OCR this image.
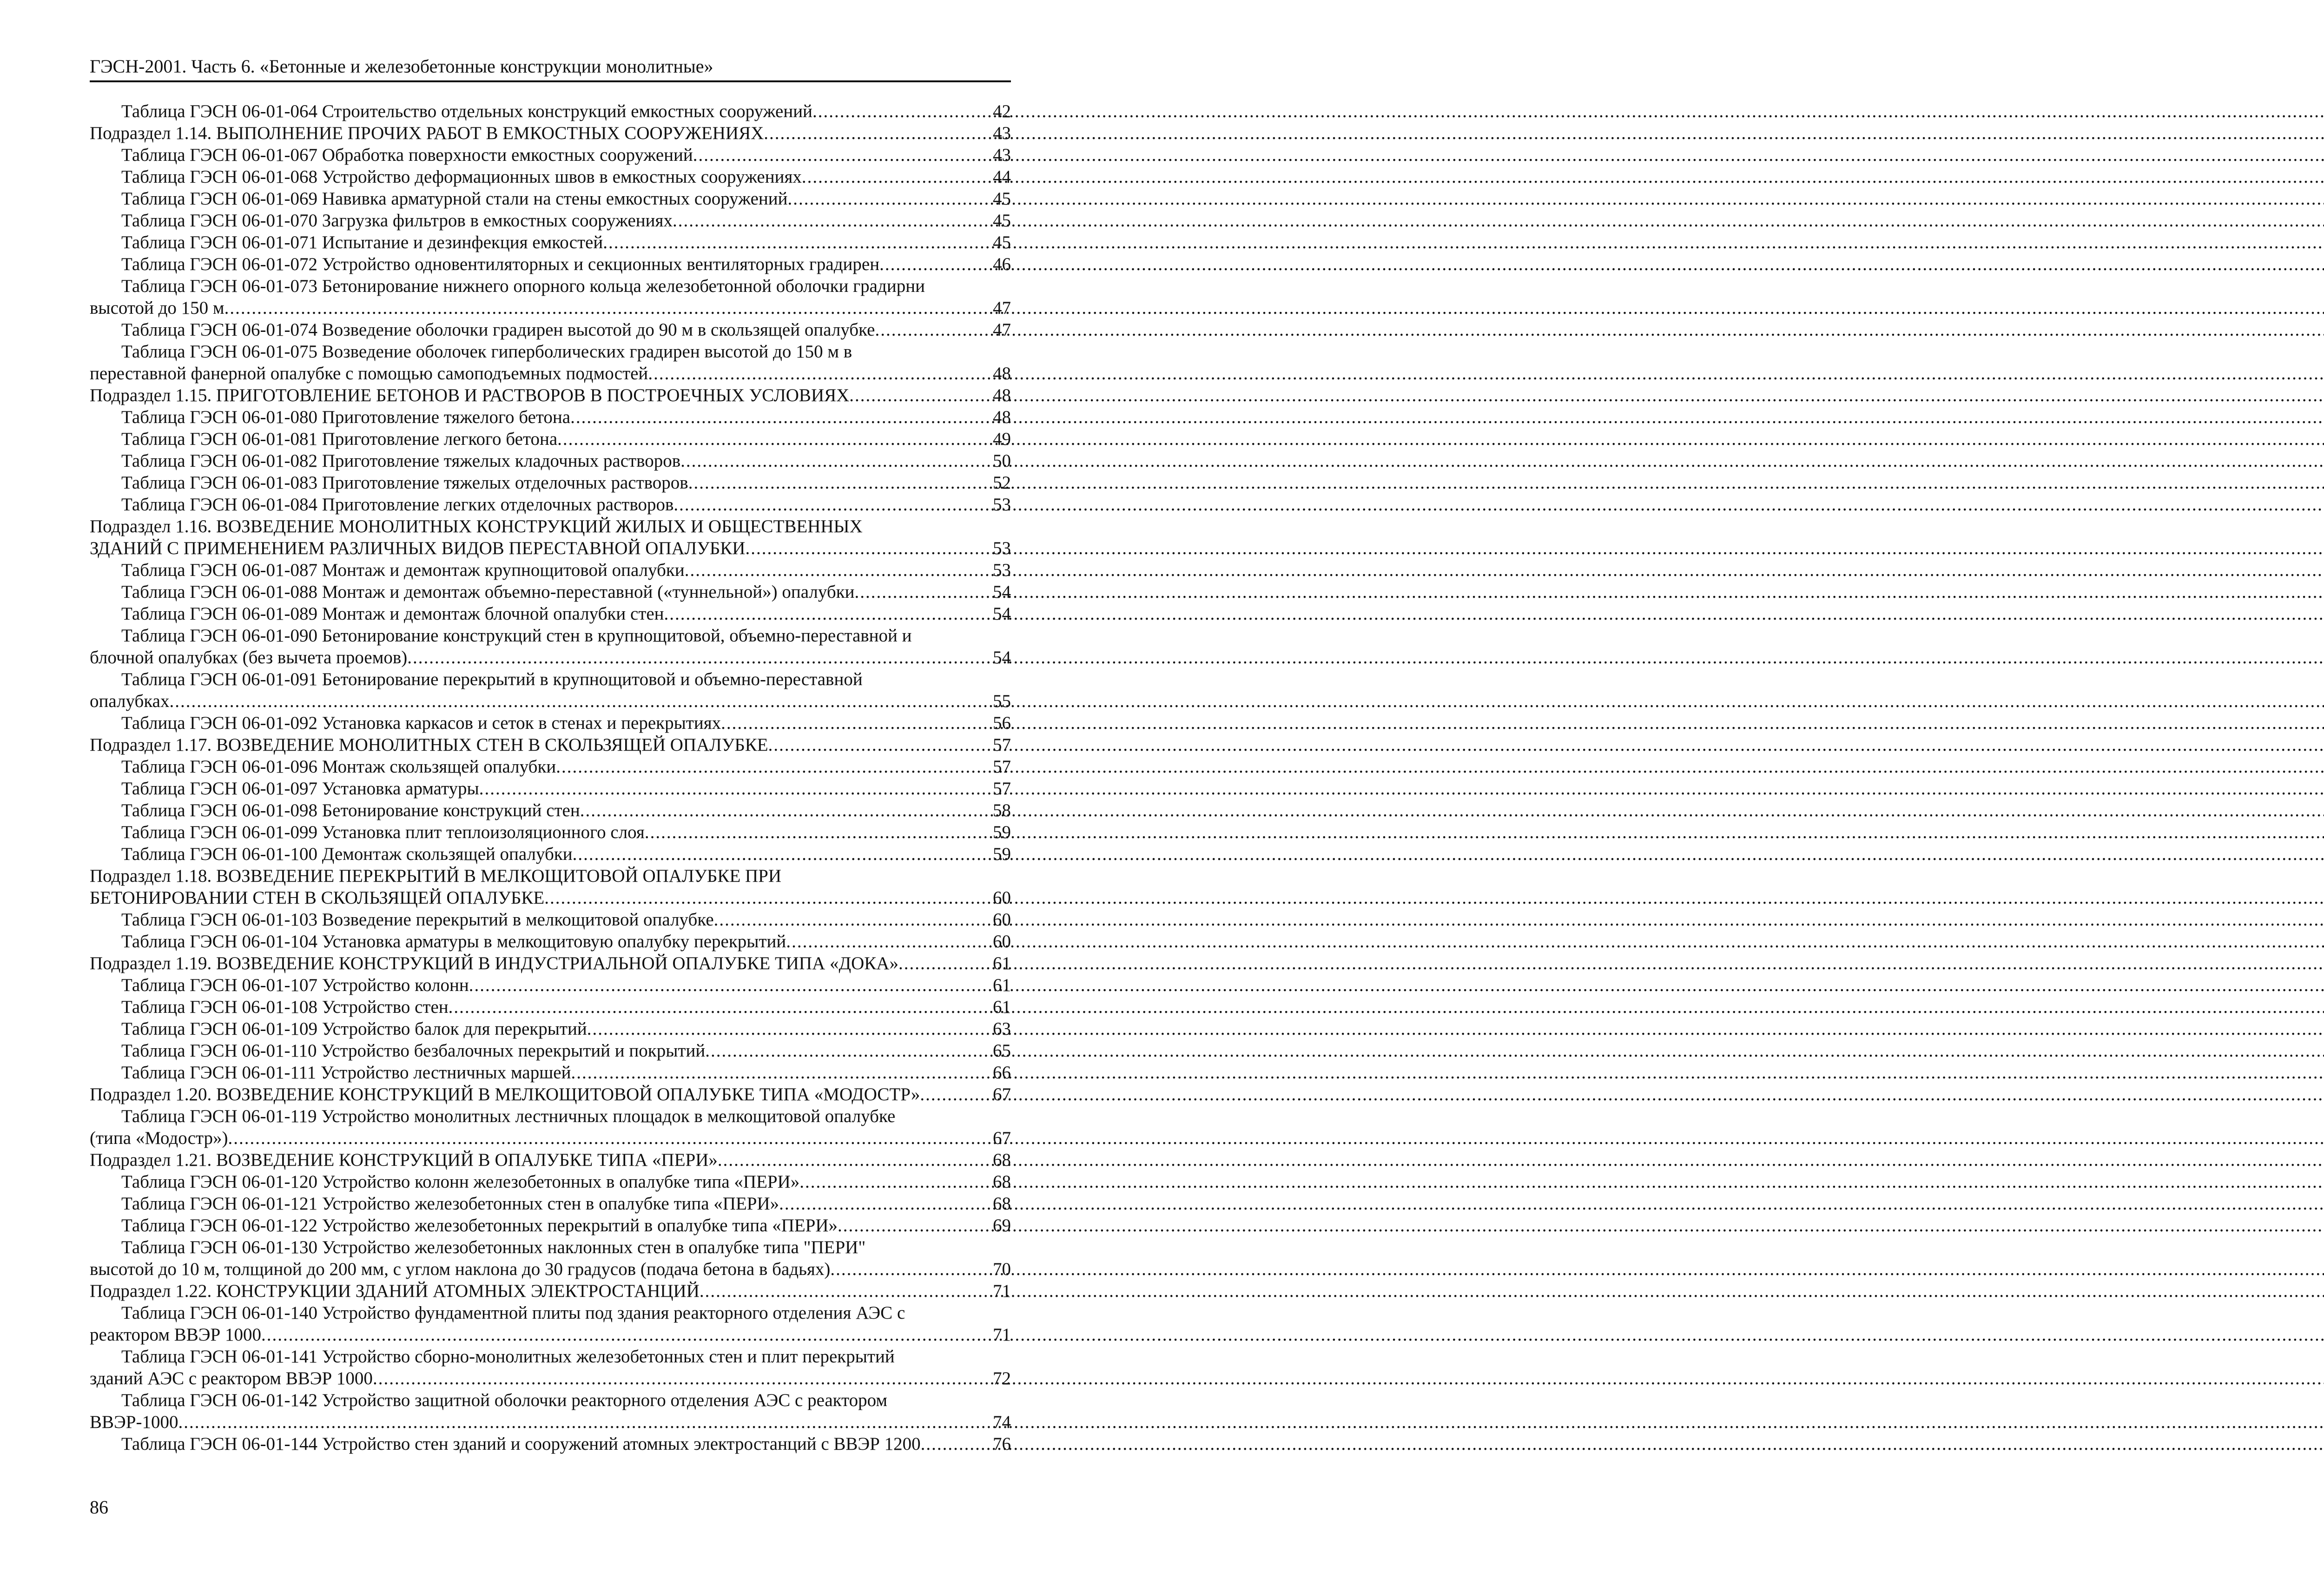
ГЭСН-2001. Часть 6. «Бетонные и железобетонные конструкции монолитные»
Таблица ГЭСН 06-01-064 Строительство отдельных конструкций емкостных сооружений .....	42
Подраздел 1.14. ВЫПОЛНЕНИЕ ПРОЧИХ РАБОТ В ЕМКОСТНЫХ СООРУЖЕНИЯХ .....	43
Таблица ГЭСН 06-01-067 Обработка поверхности емкостных сооружений .....	43
Таблица ГЭСН 06-01-068 Устройство деформационных швов в емкостных сооружениях .....	44
Таблица ГЭСН 06-01-069 Навивка арматурной стали на стены емкостных сооружений .....	45
Таблица ГЭСН 06-01-070 Загрузка фильтров в емкостных сооружениях .....	45
Таблица ГЭСН 06-01-071 Испытание и дезинфекция емкостей .....	45
Таблица ГЭСН 06-01-072 Устройство одновентиляторных и секционных вентиляторных градирен .....	46
Таблица ГЭСН 06-01-073 Бетонирование нижнего опорного кольца железобетонной оболочки градирни
высотой до 150 м .....	47
Таблица ГЭСН 06-01-074 Возведение оболочки градирен высотой до 90 м в скользящей опалубке .....	47
Таблица ГЭСН 06-01-075 Возведение оболочек гиперболических градирен высотой до 150 м в
переставной фанерной опалубке с помощью самоподъемных подмостей .....	48
Подраздел 1.15. ПРИГОТОВЛЕНИЕ БЕТОНОВ И РАСТВОРОВ В ПОСТРОЕЧНЫХ УСЛОВИЯХ .....	48
Таблица ГЭСН 06-01-080 Приготовление тяжелого бетона .....	48
Таблица ГЭСН 06-01-081 Приготовление легкого бетона .....	49
Таблица ГЭСН 06-01-082 Приготовление тяжелых кладочных растворов .....	50
Таблица ГЭСН 06-01-083 Приготовление тяжелых отделочных растворов .....	52
Таблица ГЭСН 06-01-084 Приготовление легких отделочных растворов .....	53
Подраздел 1.16. ВОЗВЕДЕНИЕ МОНОЛИТНЫХ КОНСТРУКЦИЙ ЖИЛЫХ И ОБЩЕСТВЕННЫХ
ЗДАНИЙ С ПРИМЕНЕНИЕМ РАЗЛИЧНЫХ ВИДОВ ПЕРЕСТАВНОЙ ОПАЛУБКИ .....	53
Таблица ГЭСН 06-01-087 Монтаж и демонтаж крупнощитовой опалубки .....	53
Таблица ГЭСН 06-01-088 Монтаж и демонтаж объемно-переставной («туннельной») опалубки .....	54
Таблица ГЭСН 06-01-089 Монтаж и демонтаж блочной опалубки стен .....	54
Таблица ГЭСН 06-01-090 Бетонирование конструкций стен в крупнощитовой, объемно-переставной и
блочной опалубках (без вычета проемов) .....	54
Таблица ГЭСН 06-01-091 Бетонирование перекрытий в крупнощитовой и объемно-переставной
опалубках .....	55
Таблица ГЭСН 06-01-092 Установка каркасов и сеток в стенах и перекрытиях .....	56
Подраздел 1.17. ВОЗВЕДЕНИЕ МОНОЛИТНЫХ СТЕН В СКОЛЬЗЯЩЕЙ ОПАЛУБКЕ .....	57
Таблица ГЭСН 06-01-096 Монтаж скользящей опалубки .....	57
Таблица ГЭСН 06-01-097 Установка арматуры .....	57
Таблица ГЭСН 06-01-098 Бетонирование конструкций стен .....	58
Таблица ГЭСН 06-01-099 Установка плит теплоизоляционного слоя .....	59
Таблица ГЭСН 06-01-100 Демонтаж скользящей опалубки .....	59
Подраздел 1.18. ВОЗВЕДЕНИЕ ПЕРЕКРЫТИЙ В МЕЛКОЩИТОВОЙ ОПАЛУБКЕ ПРИ
БЕТОНИРОВАНИИ СТЕН В СКОЛЬЗЯЩЕЙ ОПАЛУБКЕ .....	60
Таблица ГЭСН 06-01-103 Возведение перекрытий в мелкощитовой опалубке .....	60
Таблица ГЭСН 06-01-104 Установка арматуры в мелкощитовую опалубку перекрытий .....	60
Подраздел 1.19. ВОЗВЕДЕНИЕ КОНСТРУКЦИЙ В ИНДУСТРИАЛЬНОЙ ОПАЛУБКЕ ТИПА «ДОКА» .....	61
Таблица ГЭСН 06-01-107 Устройство колонн .....	61
Таблица ГЭСН 06-01-108 Устройство стен .....	61
Таблица ГЭСН 06-01-109 Устройство балок для перекрытий .....	63
Таблица ГЭСН 06-01-110 Устройство безбалочных перекрытий и покрытий .....	65
Таблица ГЭСН 06-01-111 Устройство лестничных маршей .....	66
Подраздел 1.20. ВОЗВЕДЕНИЕ КОНСТРУКЦИЙ В МЕЛКОЩИТОВОЙ ОПАЛУБКЕ ТИПА «МОДОСТР» .....	67
Таблица ГЭСН 06-01-119 Устройство монолитных лестничных площадок в мелкощитовой опалубке
(типа «Модостр») .....	67
Подраздел 1.21. ВОЗВЕДЕНИЕ КОНСТРУКЦИЙ В ОПАЛУБКЕ ТИПА «ПЕРИ» .....	68
Таблица ГЭСН 06-01-120 Устройство колонн железобетонных в опалубке типа «ПЕРИ» .....	68
Таблица ГЭСН 06-01-121 Устройство железобетонных стен в опалубке типа «ПЕРИ» .....	68
Таблица ГЭСН 06-01-122 Устройство железобетонных перекрытий в опалубке типа «ПЕРИ» .....	69
Таблица ГЭСН 06-01-130 Устройство железобетонных наклонных стен в опалубке типа "ПЕРИ"
высотой до 10 м, толщиной до 200 мм, с углом наклона до 30 градусов (подача бетона в бадьях) .....	70
Подраздел 1.22. КОНСТРУКЦИИ ЗДАНИЙ АТОМНЫХ ЭЛЕКТРОСТАНЦИЙ .....	71
Таблица ГЭСН 06-01-140 Устройство фундаментной плиты под здания реакторного отделения АЭС с
реактором ВВЭР 1000 .....	71
Таблица ГЭСН 06-01-141 Устройство сборно-монолитных железобетонных стен и плит перекрытий
зданий АЭС с реактором ВВЭР 1000 .....	72
Таблица ГЭСН 06-01-142 Устройство защитной оболочки реакторного отделения АЭС с реактором
ВВЭР-1000 .....	74
Таблица ГЭСН 06-01-144 Устройство стен зданий и сооружений атомных электростанций с ВВЭР 1200 .....	76
86
